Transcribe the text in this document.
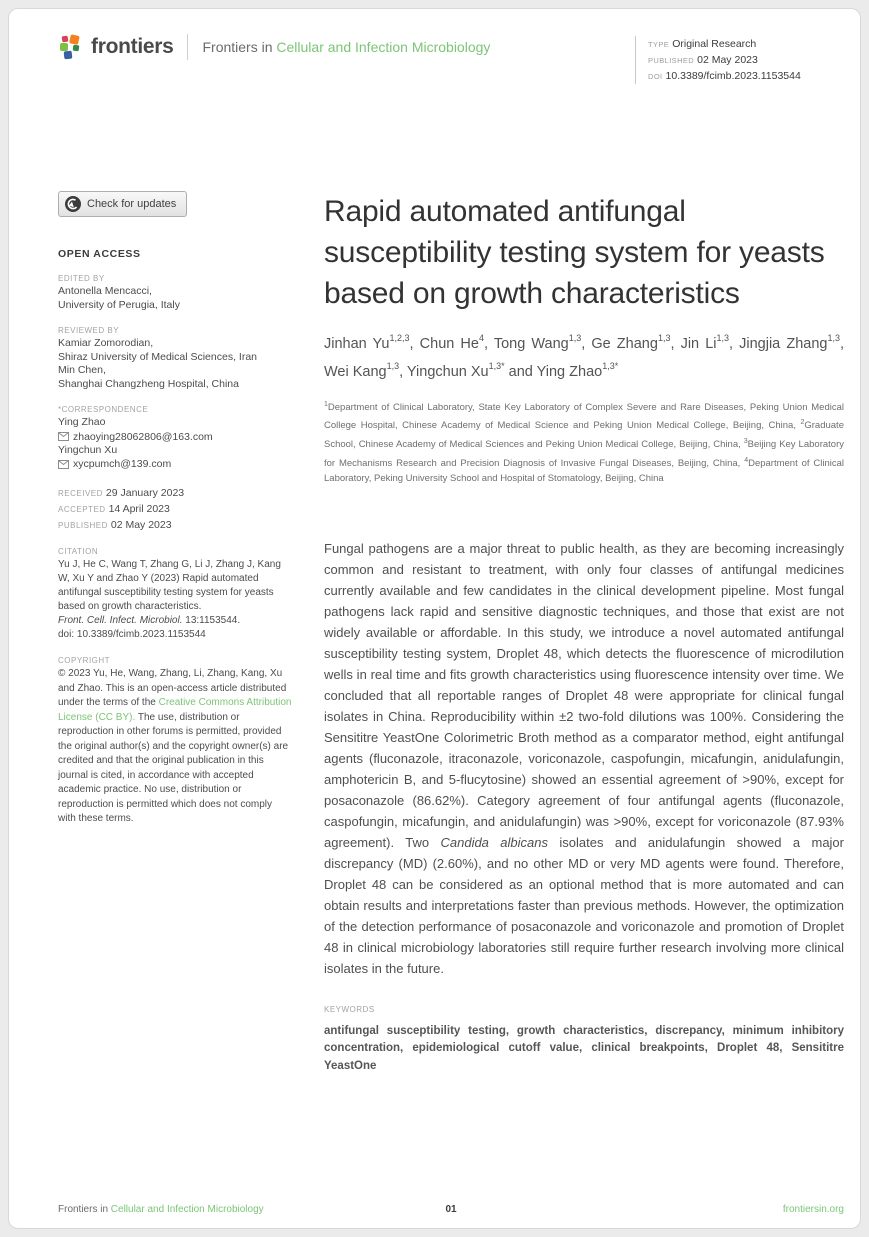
frontiers Frontiers in Cellular and Infection Microbiology	TYPE Original Research
PUBLISHED 02 May 2023
DOI 10.3389/fcimb.2023.1153544
Check for updates
OPEN ACCESS
EDITED BY
Antonella Mencacci,
University of Perugia, Italy
REVIEWED BY
Kamiar Zomorodian,
Shiraz University of Medical Sciences, Iran
Min Chen,
Shanghai Changzheng Hospital, China
*CORRESPONDENCE
Ying Zhao
zhaoying28062806@163.com
Yingchun Xu
xycpumch@139.com
RECEIVED 29 January 2023
ACCEPTED 14 April 2023
PUBLISHED 02 May 2023
CITATION
Yu J, He C, Wang T, Zhang G, Li J, Zhang J, Kang W, Xu Y and Zhao Y (2023) Rapid automated antifungal susceptibility testing system for yeasts based on growth characteristics.
Front. Cell. Infect. Microbiol. 13:1153544.
doi: 10.3389/fcimb.2023.1153544
COPYRIGHT
© 2023 Yu, He, Wang, Zhang, Li, Zhang, Kang, Xu and Zhao. This is an open-access article distributed under the terms of the Creative Commons Attribution License (CC BY). The use, distribution or reproduction in other forums is permitted, provided the original author(s) and the copyright owner(s) are credited and that the original publication in this journal is cited, in accordance with accepted academic practice. No use, distribution or reproduction is permitted which does not comply with these terms.
Rapid automated antifungal susceptibility testing system for yeasts based on growth characteristics

Jinhan Yu$^{1,2,3}$, Chun He$^4$, Tong Wang$^{1,3}$, Ge Zhang$^{1,3}$, Jin Li$^{1,3}$, Jingjia Zhang$^{1,3}$, Wei Kang$^{1,3}$, Yingchun $Xu^{1,3*}$ and Ying Zhao$^{1,3*}$

$^1$Department of Clinical Laboratory, State Key Laboratory of Complex Severe and Rare Diseases, Peking Union Medical College Hospital, Chinese Academy of Medical Science and Peking Union Medical College, Beijing, China, $^2$Graduate School, Chinese Academy of Medical Sciences and Peking Union Medical College, Beijing, China, $^3$Beijing Key Laboratory for Mechanisms Research and Precision Diagnosis of Invasive Fungal Diseases, Beijing, China, $^4$Department of Clinical Laboratory, Peking University School and Hospital of Stomatology, Beijing, China
Fungal pathogens are a major threat to public health, as they are becoming increasingly common and resistant to treatment, with only four classes of antifungal medicines currently available and few candidates in the clinical development pipeline. Most fungal pathogens lack rapid and sensitive diagnostic techniques, and those that exist are not widely available or affordable. In this study, we introduce a novel automated antifungal susceptibility testing system, Droplet 48, which detects the fluorescence of microdilution wells in real time and fits growth characteristics using fluorescence intensity over time. We concluded that all reportable ranges of Droplet 48 were appropriate for clinical fungal isolates in China. Reproducibility within ±2 two-fold dilutions was 100%. Considering the Sensititre YeastOne Colorimetric Broth method as a comparator method, eight antifungal agents (fluconazole, itraconazole, voriconazole, caspofungin, micafungin, anidulafungin, amphotericin B, and 5-flucytosine) showed an essential agreement of >90%, except for posaconazole (86.62%). Category agreement of four antifungal agents (fluconazole, caspofungin, micafungin, and anidulafungin) was >90%, except for voriconazole (87.93% agreement). Two Candida albicans isolates and anidulafungin showed a major discrepancy (MD) (2.60%), and no other MD or very MD agents were found. Therefore, Droplet 48 can be considered as an optional method that is more automated and can obtain results and interpretations faster than previous methods. However, the optimization of the detection performance of posaconazole and voriconazole and promotion of Droplet 48 in clinical microbiology laboratories still require further research involving more clinical isolates in the future.
KEYWORDS
antifungal susceptibility testing, growth characteristics, discrepancy, minimum inhibitory concentration, epidemiological cutoff value, clinical breakpoints, Droplet 48, Sensititre YeastOne
Frontiers in Cellular and Infection Microbiology	01	frontiersin.org
